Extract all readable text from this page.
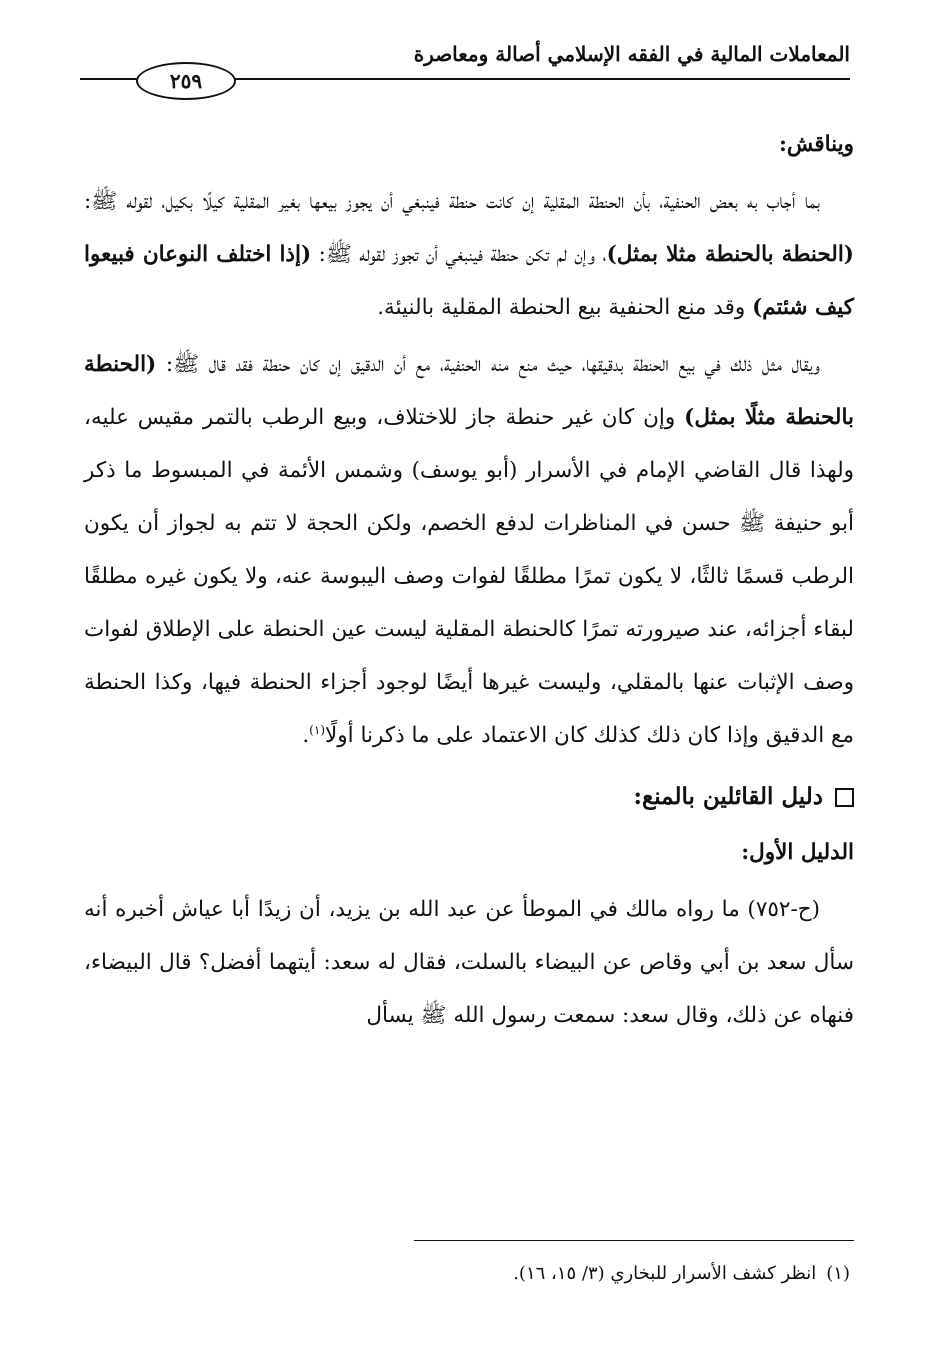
المعاملات المالية في الفقه الإسلامي أصالة ومعاصرة
٢٥٩

ويناقش:

بما أجاب به بعض الحنفية، بأن الحنطة المقلية إن كانت حنطة فينبغي أن يجوز بيعها بغير المقلية كيلًا بكيل، لقوله ﷺ: (الحنطة بالحنطة مثلا بمثل)، وإن لم تكن حنطة فينبغي أن تجوز لقوله ﷺ: (إذا اختلف النوعان فبيعوا كيف شئتم) وقد منع الحنفية بيع الحنطة المقلية بالنيئة.

ويقال مثل ذلك في بيع الحنطة بدقيقها، حيث منع منه الحنفية، مع أن الدقيق إن كان حنطة فقد قال ﷺ: (الحنطة بالحنطة مثلًا بمثل) وإن كان غير حنطة جاز للاختلاف، وبيع الرطب بالتمر مقيس عليه، ولهذا قال القاضي الإمام في الأسرار (أبو يوسف) وشمس الأئمة في المبسوط ما ذكر أبو حنيفة ﷺ حسن في المناظرات لدفع الخصم، ولكن الحجة لا تتم به لجواز أن يكون الرطب قسمًا ثالثًا، لا يكون تمرًا مطلقًا لفوات وصف اليبوسة عنه، ولا يكون غيره مطلقًا لبقاء أجزائه، عند صيرورته تمرًا كالحنطة المقلية ليست عين الحنطة على الإطلاق لفوات وصف الإثبات عنها بالمقلي، وليست غيرها أيضًا لوجود أجزاء الحنطة فيها، وكذا الحنطة مع الدقيق وإذا كان ذلك كذلك كان الاعتماد على ما ذكرنا أولًا$^{(١)}$.

دليل القائلين بالمنع:

الدليل الأول:

(ح-٧٥٢) ما رواه مالك في الموطأ عن عبد الله بن يزيد، أن زيدًا أبا عياش أخبره أنه سأل سعد بن أبي وقاص عن البيضاء بالسلت، فقال له سعد: أيتهما أفضل؟ قال البيضاء، فنهاه عن ذلك، وقال سعد: سمعت رسول الله ﷺ يسأل

(١)انظر كشف الأسرار للبخاري (٣/ ١٥، ١٦).
